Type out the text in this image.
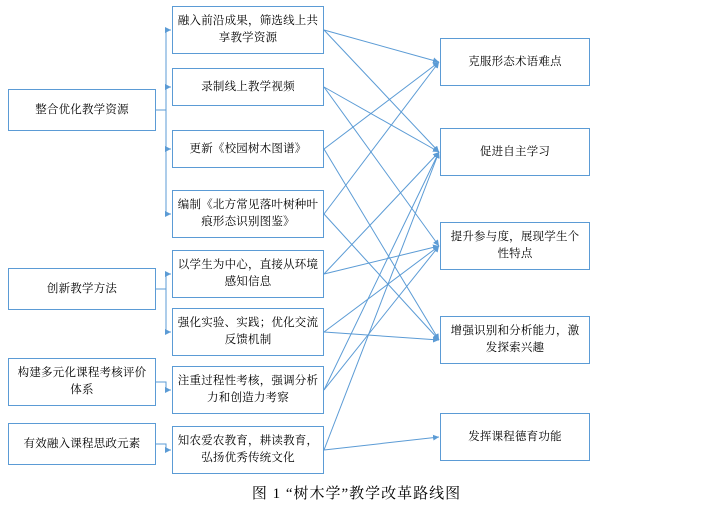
整合优化教学资源
创新教学方法
构建多元化课程考核评价体系
有效融入课程思政元素
融入前沿成果，筛选线上共享教学资源
录制线上教学视频
更新《校园树木图谱》
编制《北方常见落叶树种叶痕形态识别图鉴》
以学生为中心，直接从环境感知信息
强化实验、实践；优化交流反馈机制
注重过程性考核，强调分析力和创造力考察
知农爱农教育，耕读教育，弘扬优秀传统文化
克服形态术语难点
促进自主学习
提升参与度，展现学生个性特点
增强识别和分析能力，激发探索兴趣
发挥课程德育功能
图 1 “树木学”教学改革路线图
